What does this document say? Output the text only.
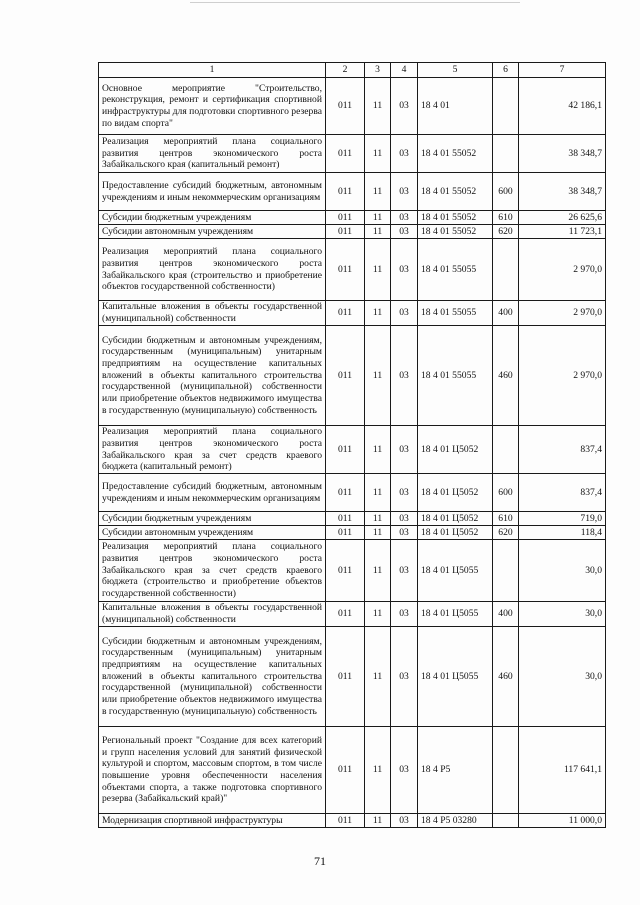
1	2	3	4	5	6	7
Основное мероприятие "Строительство, реконструкция, ремонт и сертификация спортивной инфраструктуры для подготовки спортивного резерва по видам спорта"	011	11	03	18 4 01		42 186,1
Реализация мероприятий плана социального развития центров экономического роста Забайкальского края (капитальный ремонт)	011	11	03	18 4 01 55052		38 348,7
Предоставление субсидий бюджетным, автономным учреждениям и иным некоммерческим организациям	011	11	03	18 4 01 55052	600	38 348,7
Субсидии бюджетным учреждениям	011	11	03	18 4 01 55052	610	26 625,6
Субсидии автономным учреждениям	011	11	03	18 4 01 55052	620	11 723,1
Реализация мероприятий плана социального развития центров экономического роста Забайкальского края (строительство и приобретение объектов государственной собственности)	011	11	03	18 4 01 55055		2 970,0
Капитальные вложения в объекты государственной (муниципальной) собственности	011	11	03	18 4 01 55055	400	2 970,0
Субсидии бюджетным и автономным учреждениям, государственным (муниципальным) унитарным предприятиям на осуществление капитальных вложений в объекты капитального строительства государственной (муниципальной) собственности или приобретение объектов недвижимого имущества в государственную (муниципальную) собственность	011	11	03	18 4 01 55055	460	2 970,0
Реализация мероприятий плана социального развития центров экономического роста Забайкальского края за счет средств краевого бюджета (капитальный ремонт)	011	11	03	18 4 01 Ц5052		837,4
Предоставление субсидий бюджетным, автономным учреждениям и иным некоммерческим организациям	011	11	03	18 4 01 Ц5052	600	837,4
Субсидии бюджетным учреждениям	011	11	03	18 4 01 Ц5052	610	719,0
Субсидии автономным учреждениям	011	11	03	18 4 01 Ц5052	620	118,4
Реализация мероприятий плана социального развития центров экономического роста Забайкальского края за счет средств краевого бюджета (строительство и приобретение объектов государственной собственности)	011	11	03	18 4 01 Ц5055		30,0
Капитальные вложения в объекты государственной (муниципальной) собственности	011	11	03	18 4 01 Ц5055	400	30,0
Субсидии бюджетным и автономным учреждениям, государственным (муниципальным) унитарным предприятиям на осуществление капитальных вложений в объекты капитального строительства государственной (муниципальной) собственности или приобретение объектов недвижимого имущества в государственную (муниципальную) собственность	011	11	03	18 4 01 Ц5055	460	30,0
Региональный проект "Создание для всех категорий и групп населения условий для занятий физической культурой и спортом, массовым спортом, в том числе повышение уровня обеспеченности населения объектами спорта, а также подготовка спортивного резерва (Забайкальский край)"	011	11	03	18 4 P5		117 641,1
Модернизация спортивной инфраструктуры	011	11	03	18 4 P5 03280		11 000,0
71
